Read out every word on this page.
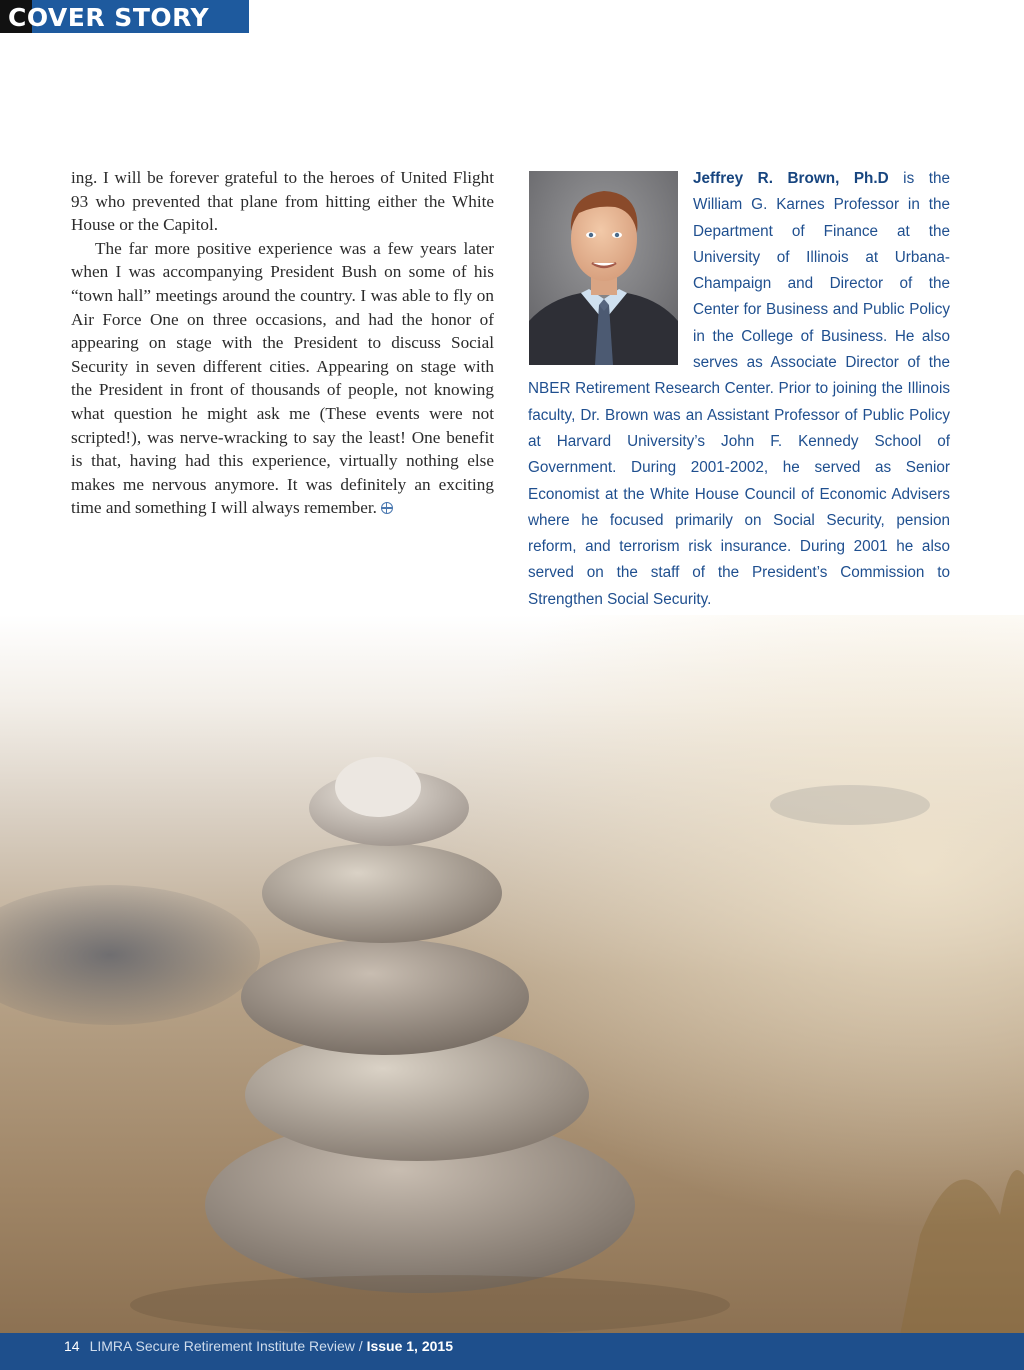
COVER STORY

ing. I will be forever grateful to the heroes of United Flight 93 who prevented that plane from hitting either the White House or the Capitol.

The far more positive experience was a few years later when I was accompanying President Bush on some of his “town hall” meetings around the country. I was able to fly on Air Force One on three occasions, and had the honor of appearing on stage with the President to discuss Social Security in seven different cities. Appearing on stage with the President in front of thousands of people, not knowing what question he might ask me (These events were not scripted!), was nerve-wracking to say the least! One benefit is that, having had this experience, virtually nothing else makes me nervous anymore. It was definitely an exciting time and something I will always remember.

Jeffrey R. Brown, Ph.D is the William G. Karnes Professor in the Department of Finance at the University of Illinois at Urbana-Champaign and Director of the Center for Business and Public Policy in the College of Business. He also serves as Associate Director of the NBER Retirement Research Center. Prior to joining the Illinois faculty, Dr. Brown was an Assistant Professor of Public Policy at Harvard University’s John F. Kennedy School of Government. During 2001-2002, he served as Senior Economist at the White House Council of Economic Advisers where he focused primarily on Social Security, pension reform, and terrorism risk insurance. During 2001 he also served on the staff of the President’s Commission to Strengthen Social Security.
14 LIMRA Secure Retirement Institute Review / Issue 1, 2015
